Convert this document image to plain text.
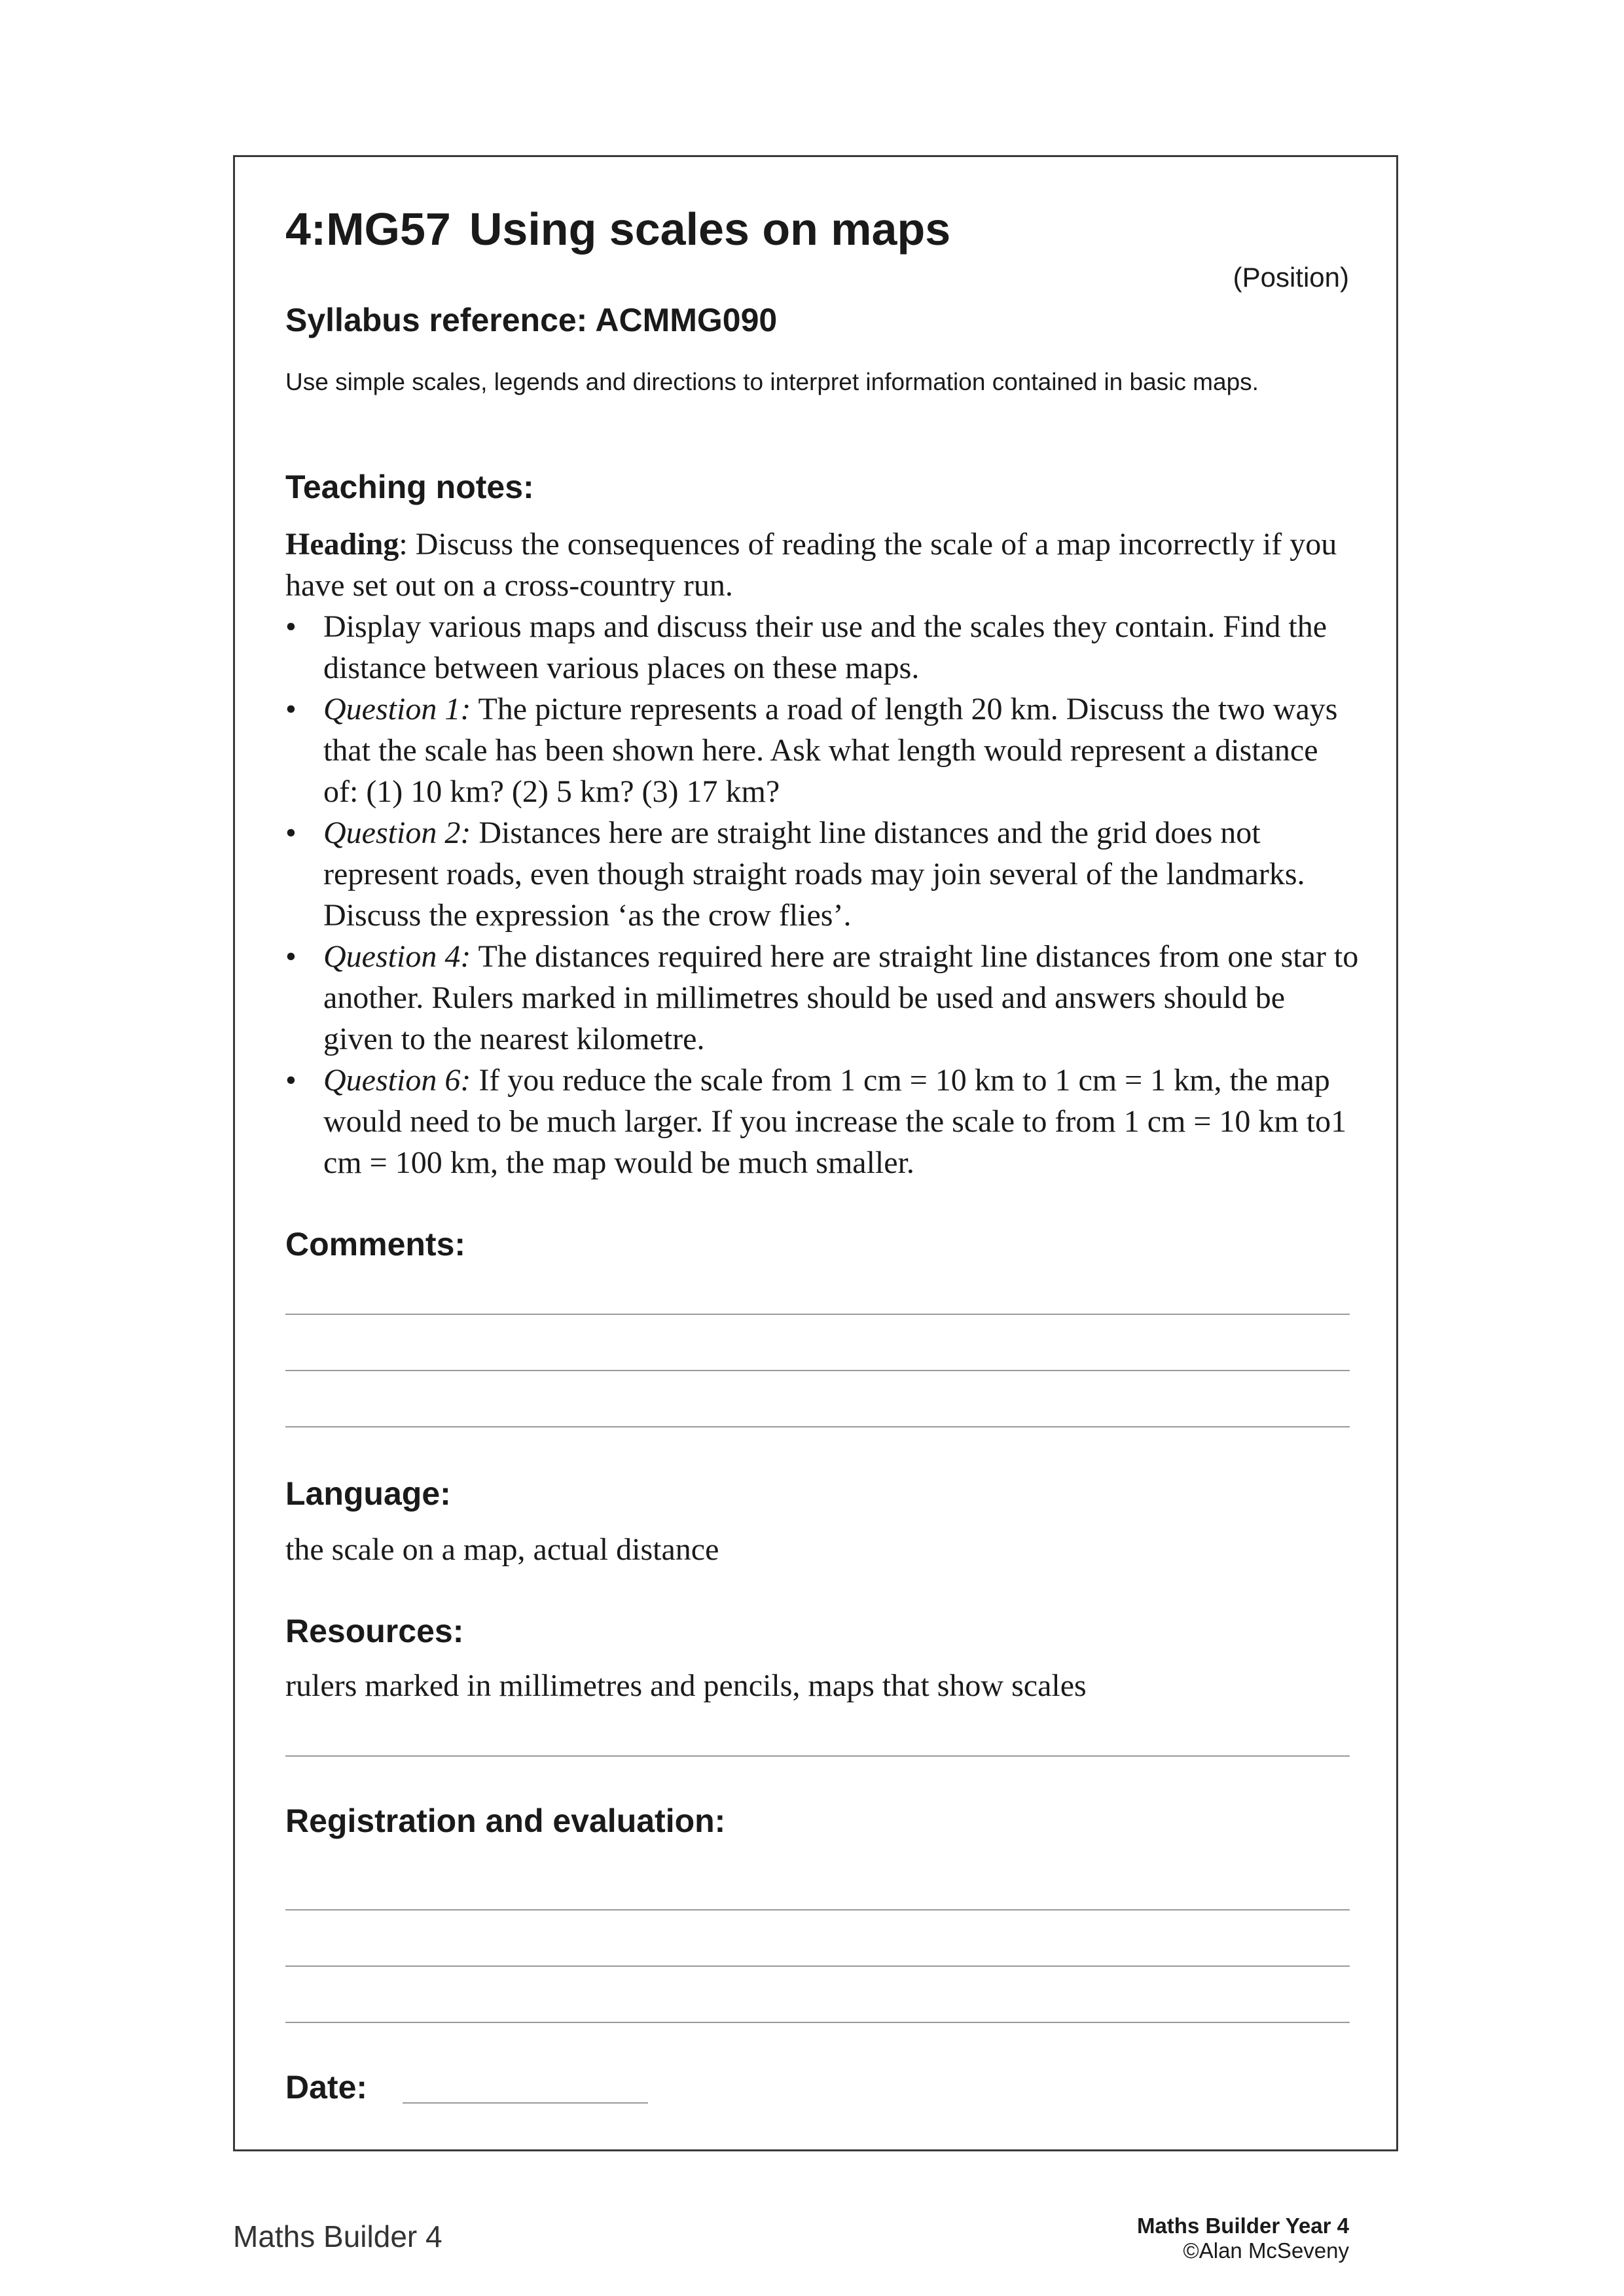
4:MG57 Using scales on maps
(Position)
Syllabus reference: ACMMG090
Use simple scales, legends and directions to interpret information contained in basic maps.
Teaching notes:

Heading: Discuss the consequences of reading the scale of a map incorrectly if you have set out on a cross-country run.

• Display various maps and discuss their use and the scales they contain. Find the distance between various places on these maps.
• Question 1: The picture represents a road of length 20 km. Discuss the two ways that the scale has been shown here. Ask what length would represent a distance of: (1) 10 km? (2) 5 km? (3) 17 km?
• Question 2: Distances here are straight line distances and the grid does not represent roads, even though straight roads may join several of the landmarks. Discuss the expression ‘as the crow flies’.
• Question 4: The distances required here are straight line distances from one star to another. Rulers marked in millimetres should be used and answers should be given to the nearest kilometre.
• Question 6: If you reduce the scale from 1 cm = 10 km to 1 cm = 1 km, the map would need to be much larger. If you increase the scale to from 1 cm = 10 km to1 cm = 100 km, the map would be much smaller.
Comments:
Language:
the scale on a map, actual distance
Resources:
rulers marked in millimetres and pencils, maps that show scales
Registration and evaluation:
Date:
Maths Builder 4	Maths Builder Year 4
©Alan McSeveny
